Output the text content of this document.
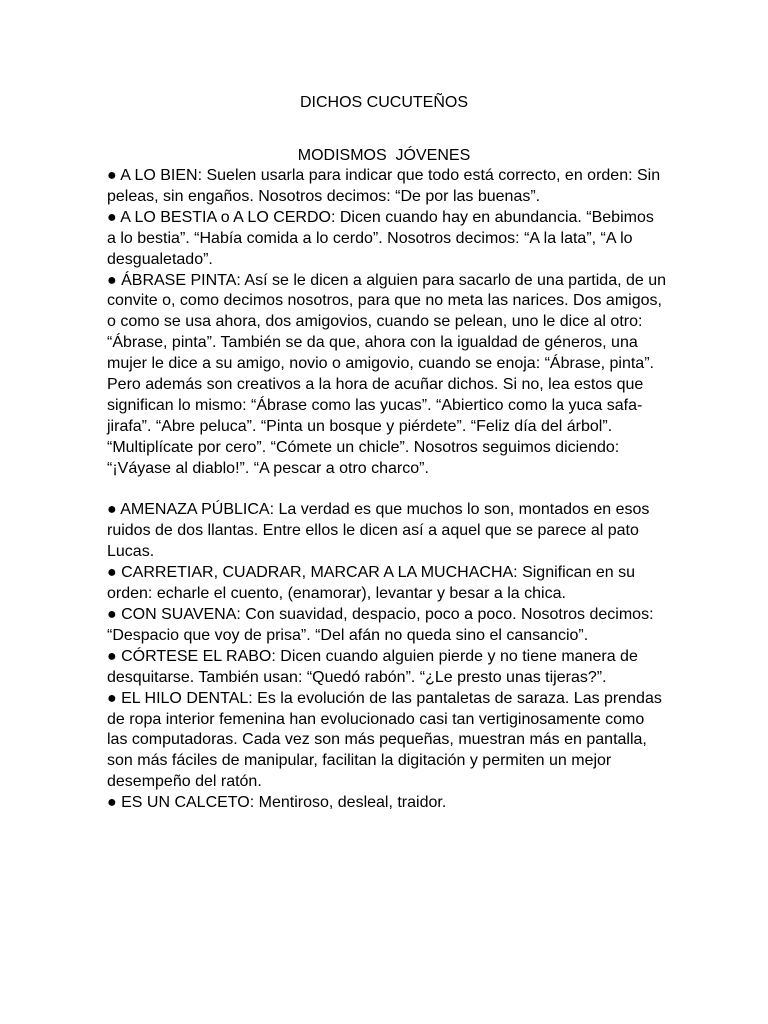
DICHOS CUCUTEÑOS
MODISMOS  JÓVENES

● A LO BIEN: Suelen usarla para indicar que todo está correcto, en orden: Sin peleas, sin engaños. Nosotros decimos: “De por las buenas”.

● A LO BESTIA o A LO CERDO: Dicen cuando hay en abundancia. “Bebimos a lo bestia”. “Había comida a lo cerdo”. Nosotros decimos: “A la lata”, “A lo desgualetado”.

● ÁBRASE PINTA: Así se le dicen a alguien para sacarlo de una partida, de un convite o, como decimos nosotros, para que no meta las narices. Dos amigos, o como se usa ahora, dos amigovios, cuando se pelean, uno le dice al otro: “Ábrase, pinta”. También se da que, ahora con la igualdad de géneros, una mujer le dice a su amigo, novio o amigovio, cuando se enoja: “Ábrase, pinta”. Pero además son creativos a la hora de acuñar dichos. Si no, lea estos que significan lo mismo: “Ábrase como las yucas”. “Abiertico como la yuca safa-jirafa”. “Abre peluca”. “Pinta un bosque y piérdete”. “Feliz día del árbol”. “Multiplícate por cero”. “Cómete un chicle”. Nosotros seguimos diciendo: “¡Váyase al diablo!”. “A pescar a otro charco”.

● AMENAZA PÚBLICA: La verdad es que muchos lo son, montados en esos ruidos de dos llantas. Entre ellos le dicen así a aquel que se parece al pato Lucas.

● CARRETIAR, CUADRAR, MARCAR A LA MUCHACHA: Significan en su orden: echarle el cuento, (enamorar), levantar y besar a la chica.

● CON SUAVENA: Con suavidad, despacio, poco a poco. Nosotros decimos: “Despacio que voy de prisa”. “Del afán no queda sino el cansancio”.

● CÓRTESE EL RABO: Dicen cuando alguien pierde y no tiene manera de desquitarse. También usan: “Quedó rabón”. “¿Le presto unas tijeras?”.

● EL HILO DENTAL: Es la evolución de las pantaletas de saraza. Las prendas de ropa interior femenina han evolucionado casi tan vertiginosamente como las computadoras. Cada vez son más pequeñas, muestran más en pantalla, son más fáciles de manipular, facilitan la digitación y permiten un mejor desempeño del ratón.

● ES UN CALCETO: Mentiroso, desleal, traidor.
